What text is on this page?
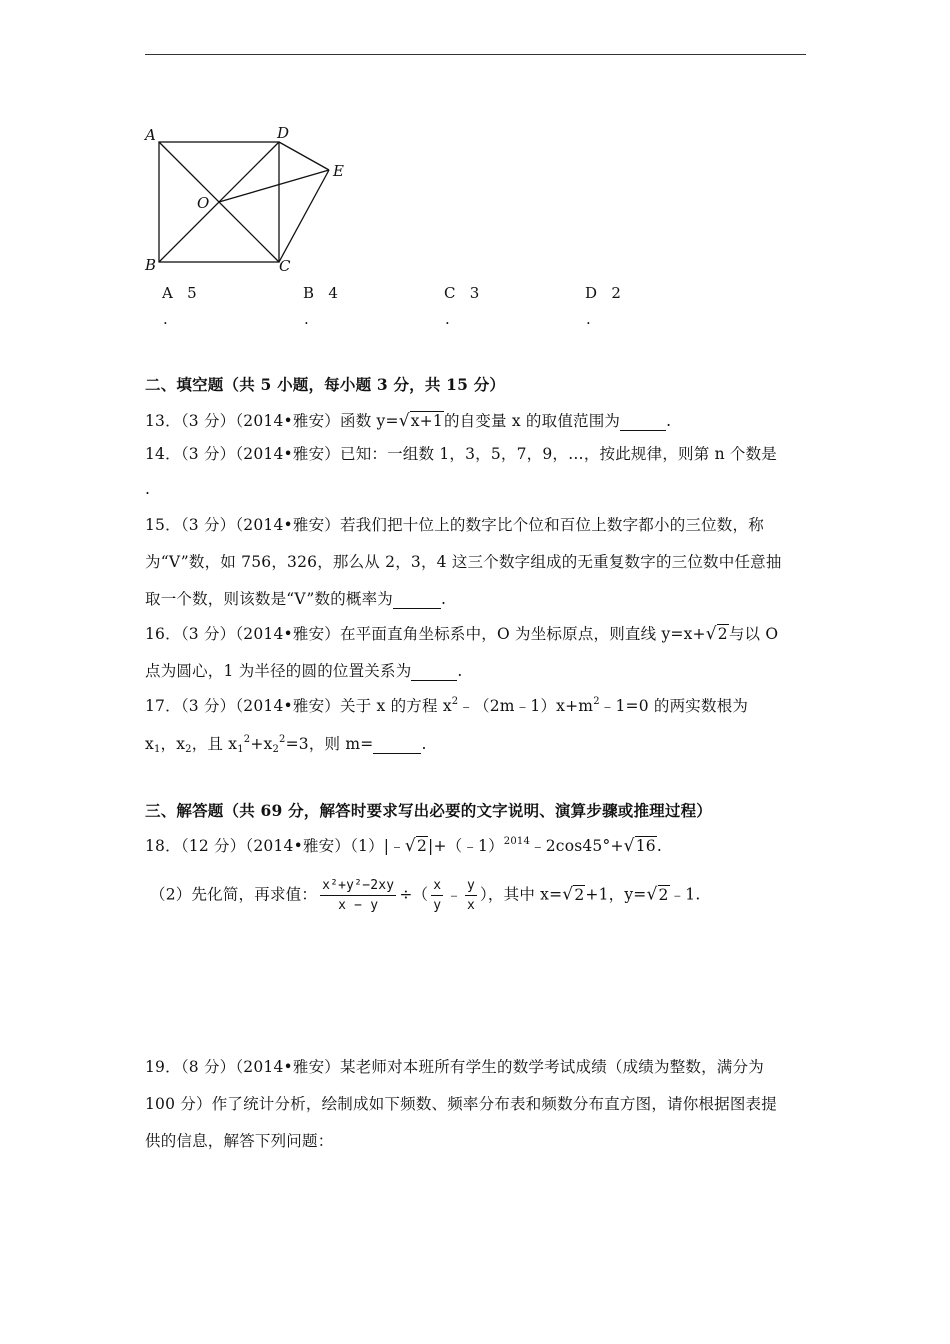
A	D
E
O
B	C
A 5	B 4	C 3	D 2
.	.	.	.
二、填空题（共 5 小题，每小题 3 分，共 15 分）
13．（3 分）（2014•雅安）函数 y=√x+1的自变量 x 的取值范围为	.
14．（3 分）（2014•雅安）已知：一组数 1，3，5，7，9，…，按此规律，则第 n 个数是
.
15．（3 分）（2014•雅安）若我们把十位上的数字比个位和百位上数字都小的三位数，称
为“V”数，如 756，326，那么从 2，3，4 这三个数字组成的无重复数字的三位数中任意抽
取一个数，则该数是“V”数的概率为	.
16．（3 分）（2014•雅安）在平面直角坐标系中，O 为坐标原点，则直线 y=x+√2与以 O
点为圆心，1 为半径的圆的位置关系为	.
17．（3 分）（2014•雅安）关于 x 的方程 $x^2﹣(2m﹣1)x+m^2﹣1=0$ 的两实数根为
$x_1$，$x_2$，且 $x_1^2+x_2^2=3$，则 m=	.
三、解答题（共 69 分，解答时要求写出必要的文字说明、演算步骤或推理过程）
18．（12 分）（2014•雅安）（1）|﹣√2|+（﹣1）$^{2014}$﹣2cos45°+√16.
（2）先化简，再求值： $\frac{\text{x²+y²−2xy}}{x - y}$ ÷（ $\frac{x}{y}$ ﹣ $\frac{y}{x}$ ），其中 x=√2+1，y=√2﹣1.
19．（8 分）（2014•雅安）某老师对本班所有学生的数学考试成绩（成绩为整数，满分为
100 分）作了统计分析，绘制成如下频数、频率分布表和频数分布直方图，请你根据图表提
供的信息，解答下列问题：
